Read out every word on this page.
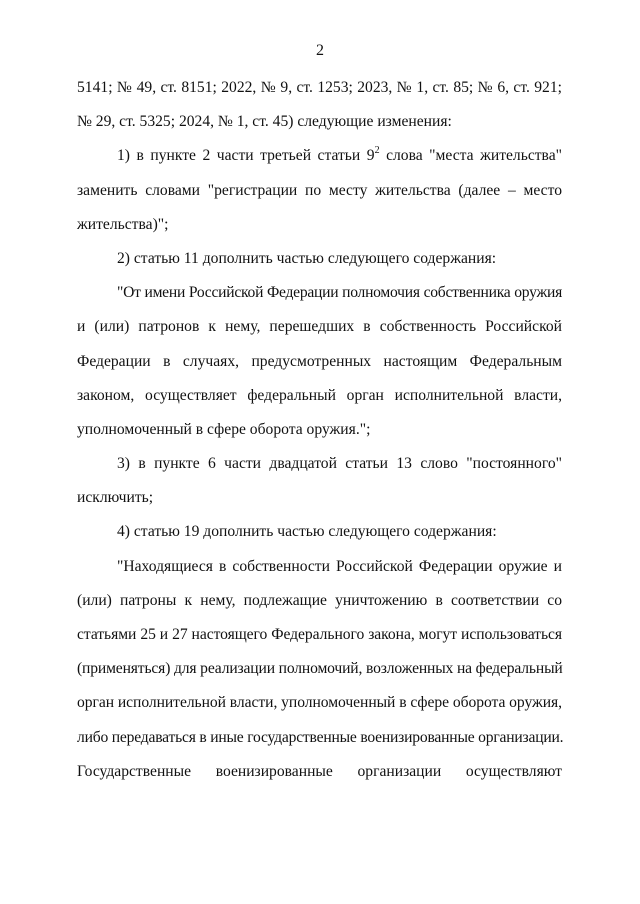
2
5141; № 49, ст. 8151; 2022, № 9, ст. 1253; 2023, № 1, ст. 85; № 6, ст. 921;
№ 29, ст. 5325; 2024, № 1, ст. 45) следующие изменения:
1) в пункте 2 части третьей статьи $9^2$ слова "места жительства"
заменить словами "регистрации по месту жительства (далее – место
жительства)";
2) статью 11 дополнить частью следующего содержания:
"От имени Российской Федерации полномочия собственника оружия
и (или) патронов к нему, перешедших в собственность Российской
Федерации в случаях, предусмотренных настоящим Федеральным
законом, осуществляет федеральный орган исполнительной власти,
уполномоченный в сфере оборота оружия.";
3) в пункте 6 части двадцатой статьи 13 слово "постоянного"
исключить;
4) статью 19 дополнить частью следующего содержания:
"Находящиеся в собственности Российской Федерации оружие и
(или) патроны к нему, подлежащие уничтожению в соответствии со
статьями 25 и 27 настоящего Федерального закона, могут использоваться
(применяться) для реализации полномочий, возложенных на федеральный
орган исполнительной власти, уполномоченный в сфере оборота оружия,
либо передаваться в иные государственные военизированные организации.
Государственные военизированные организации осуществляют
